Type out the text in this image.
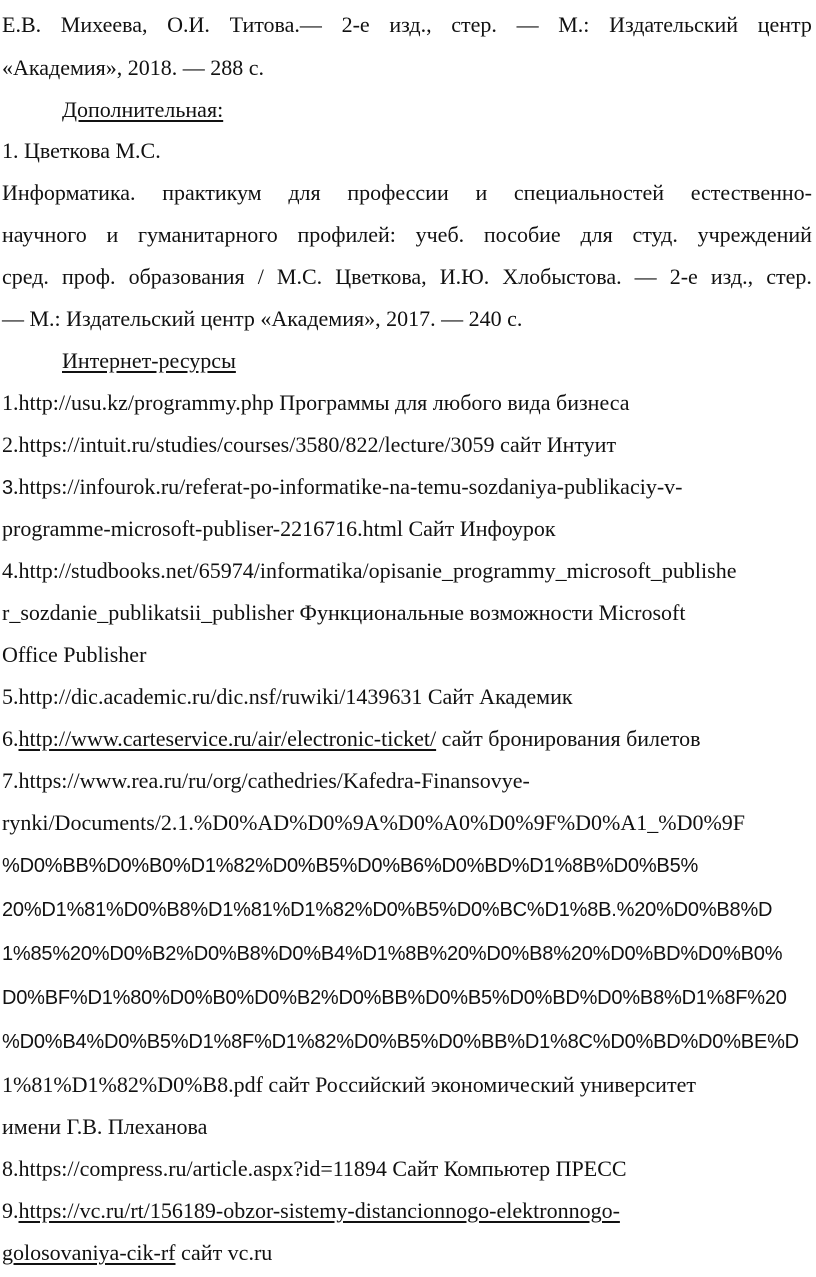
Е.В. Михеева, О.И. Титова.— 2-е изд., стер. — М.: Издательский центр
«Академия», 2018. — 288 с.
Дополнительная:
1. Цветкова М.С.
Информатика. практикум для профессии и специальностей естественно-
научного и гуманитарного профилей: учеб. пособие для студ. учреждений
сред. проф. образования / М.С. Цветкова, И.Ю. Хлобыстова. — 2-е изд., стер.
— М.: Издательский центр «Академия», 2017. — 240 с.
Интернет-ресурсы
1.http://usu.kz/programmy.php Программы для любого вида бизнеса
2.https://intuit.ru/studies/courses/3580/822/lecture/3059 сайт Интуит
3.https://infourok.ru/referat-po-informatike-na-temu-sozdaniya-publikaciy-v-
programme-microsoft-publiser-2216716.html Сайт Инфоурок
4.http://studbooks.net/65974/informatika/opisanie_programmy_microsoft_publishe
r_sozdanie_publikatsii_publisher Функциональные возможности Microsoft
Office Publisher
5.http://dic.academic.ru/dic.nsf/ruwiki/1439631 Сайт Академик
6.http://www.carteservice.ru/air/electronic-ticket/ сайт бронирования билетов
7.https://www.rea.ru/ru/org/cathedries/Kafedra-Finansovye-
rynki/Documents/2.1.%D0%AD%D0%9A%D0%A0%D0%9F%D0%A1_%D0%9F
%D0%BB%D0%B0%D1%82%D0%B5%D0%B6%D0%BD%D1%8B%D0%B5%
20%D1%81%D0%B8%D1%81%D1%82%D0%B5%D0%BC%D1%8B.%20%D0%B8%D
1%85%20%D0%B2%D0%B8%D0%B4%D1%8B%20%D0%B8%20%D0%BD%D0%B0%
D0%BF%D1%80%D0%B0%D0%B2%D0%BB%D0%B5%D0%BD%D0%B8%D1%8F%20
%D0%B4%D0%B5%D1%8F%D1%82%D0%B5%D0%BB%D1%8C%D0%BD%D0%BE%D
1%81%D1%82%D0%B8.pdf сайт Российский экономический университет
имени Г.В. Плеханова
8.https://compress.ru/article.aspx?id=11894 Сайт Компьютер ПРЕСС
9.https://vc.ru/rt/156189-obzor-sistemy-distancionnogo-elektronnogo-
golosovaniya-cik-rf сайт vc.ru
